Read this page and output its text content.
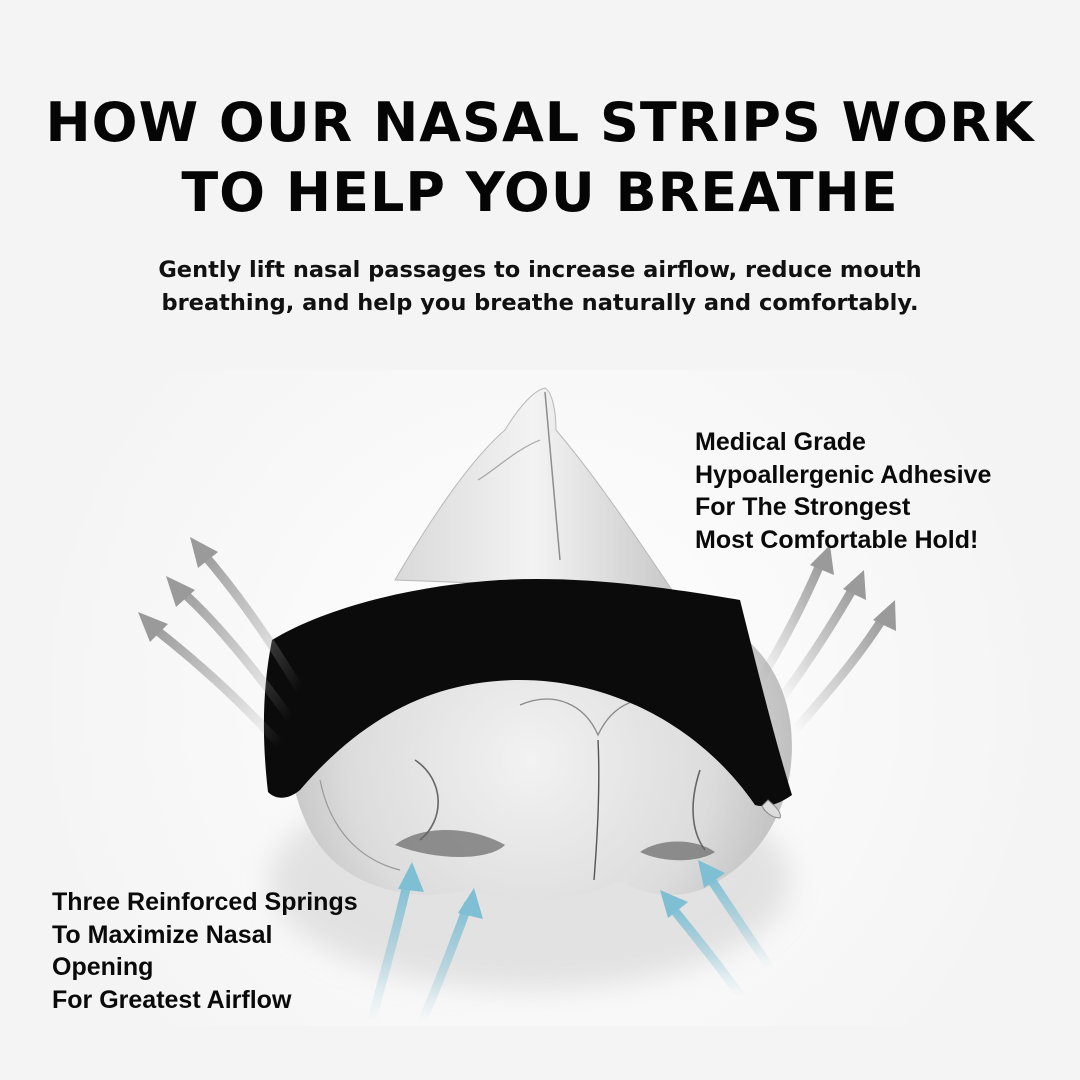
HOW OUR NASAL STRIPS WORK
TO HELP YOU BREATHE

Gently lift nasal passages to increase airflow, reduce mouth
breathing, and help you breathe naturally and comfortably.

Medical Grade
Hypoallergenic Adhesive
For The Strongest
Most Comfortable Hold!
Three Reinforced Springs
To Maximize Nasal
Opening
For Greatest Airflow
